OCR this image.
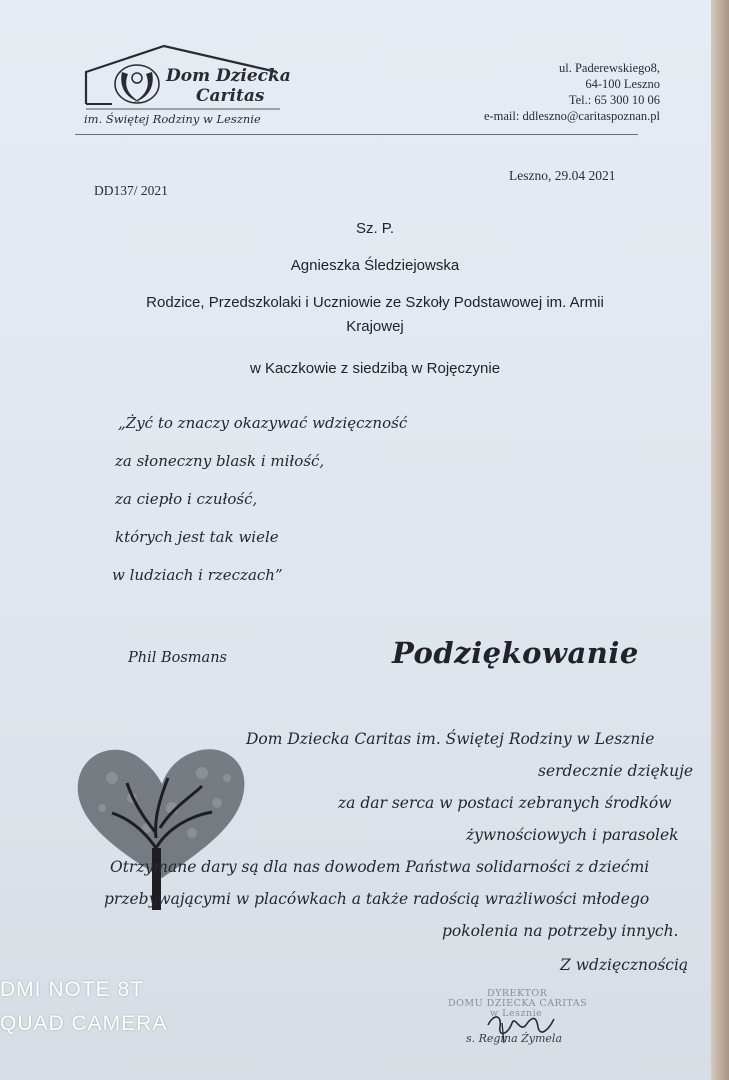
Dom Dziecka
Caritas
im. Świętej Rodziny w Lesznie
ul. Paderewskiego8,
64-100 Leszno
Tel.: 65 300 10 06
e-mail: ddleszno@caritaspoznan.pl
DD137/ 2021
Leszno, 29.04 2021
Sz. P.
Agnieszka Śledziejowska
Rodzice, Przedszkolaki i Uczniowie ze Szkoły Podstawowej im. Armii
Krajowej
w Kaczkowie z siedzibą w Rojęczynie
„Żyć to znaczy okazywać wdzięczność
za słoneczny blask i miłość,
za ciepło i czułość,
których jest tak wiele
w ludziach i rzeczach”
Phil Bosmans	Podziękowanie
Dom Dziecka Caritas im. Świętej Rodziny w Lesznie
serdecznie dziękuje
za dar serca w postaci zebranych środków
żywnościowych i parasolek
Otrzymane dary są dla nas dowodem Państwa solidarności z dziećmi
przebywającymi w placówkach a także radością wrażliwości młodego
pokolenia na potrzeby innych.
Z wdzięcznością
DYREKTOR
DOMU DZIECKA CARITAS
w Lesznie
s. Regina Żymela
DMI NOTE 8T
QUAD CAMERA
